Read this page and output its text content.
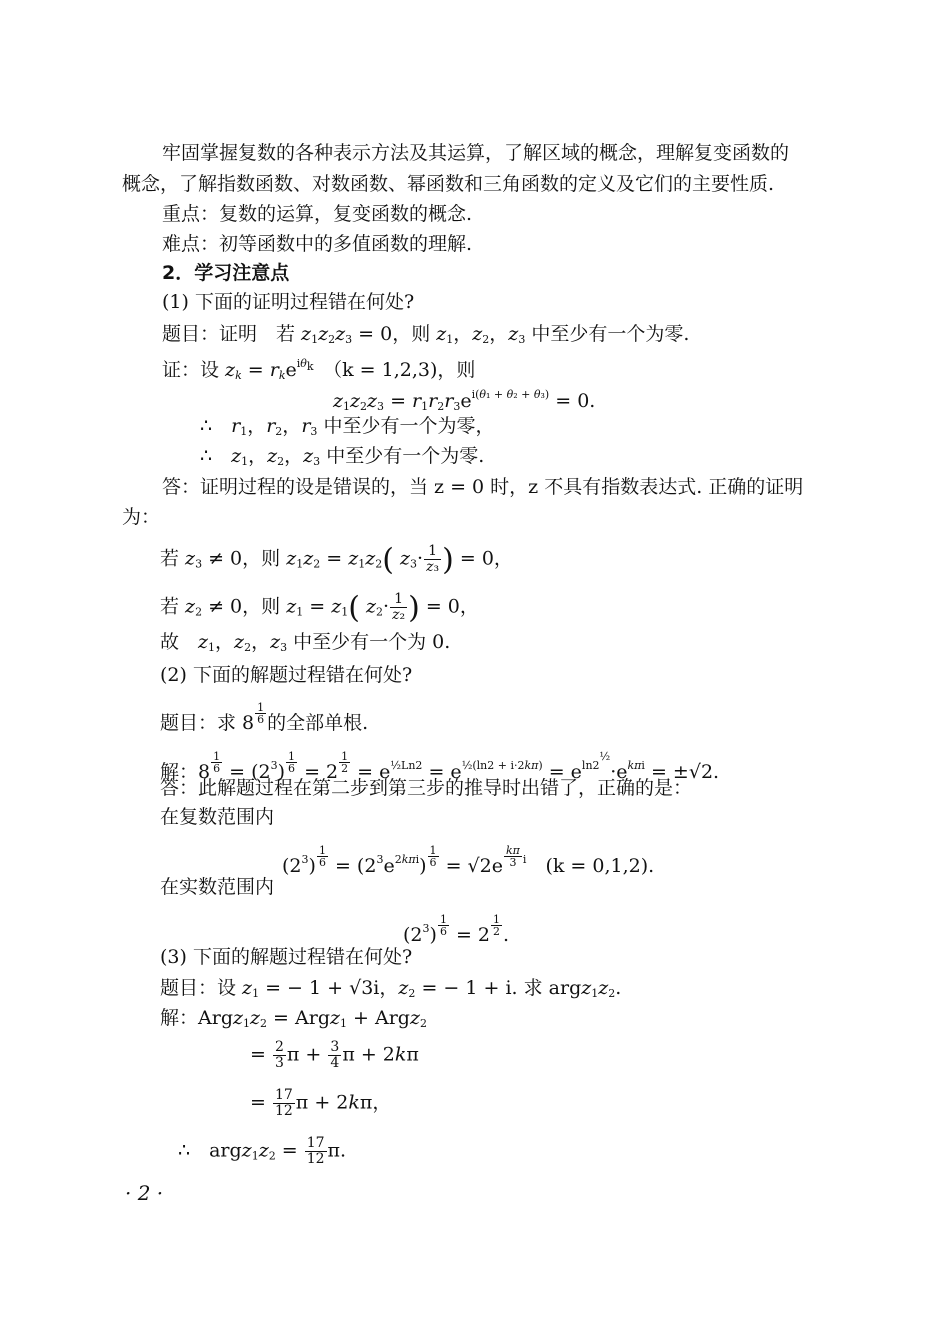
牢固掌握复数的各种表示方法及其运算，了解区域的概念，理解复变函数的
概念，了解指数函数、对数函数、幂函数和三角函数的定义及它们的主要性质.
重点：复数的运算，复变函数的概念.
难点：初等函数中的多值函数的理解.
2．学习注意点
(1) 下面的证明过程错在何处?
题目：证明　若 $z_1z_2z_3 = 0$，则 $z_1$，$z_2$，$z_3$ 中至少有一个为零.
证：设 $z_k = r_ke^{i\theta_k}$　 （k = 1,2,3)，则
$z_1z_2z_3 = r_1r_2r_3e^{i(\theta_1 + \theta_2 + \theta_3)} = 0$.
∴　$r_1$，$r_2$，$r_3$ 中至少有一个为零，
∴　$z_1$，$z_2$，$z_3$ 中至少有一个为零.
答：证明过程的设是错误的，当 z = 0 时，z 不具有指数表达式. 正确的证明
为：
若 $z_3 \ne 0$，则 $z_1z_2 = z_1z_2$( $z_3\cdot \frac{1}{\text{z₃}}$ ) = 0，
若 $z_2 \ne 0$，则 $z_1 = z_1$( $z_2\cdot \frac{1}{\text{z₂}}$ ) = 0，
故　$z_1$，$z_2$，$z_3$ 中至少有一个为 0.
(2) 下面的解题过程错在何处?
题目：求 $8 \frac{1}{6}$ 的全部单根.
解：$8 \frac{1}{6} = (2^3) \frac{1}{6} = 2 \frac{1}{2} = e^{\frac{1}{2}Ln2} = e^{\frac{1}{2}(ln2 + i\cdot 2k\pi)} = e^{ln2^{\frac{1}{2}}}\cdot e^{k\pi i} = \pm√2$.
答：此解题过程在第二步到第三步的推导时出错了，正确的是：
在复数范围内
$(2^3) \frac{1}{6} = (2^3e^{2k\pi i}) \frac{1}{6} = √2e \frac{k\pi}{3} ^i$　 (k = 0,1,2).
在实数范围内
$(2^3) \frac{1}{6} = 2 \frac{1}{2}$ .
(3) 下面的解题过程错在何处?
题目：设 $z_1$ = − 1 + √3i，$z_2$ = − 1 + i. 求 $argz_1z_2$.
解：$Argz_1z_2$ = Argz$_1$ + Argz$_2$
= $\frac{2}{3}$ $\pi + \frac{3}{4}$ π + 2kπ
= $\frac{17}{12}$ π + 2kπ，
∴　$argz_1z_2 = \frac{17}{12} \pi$.
· 2 ·
